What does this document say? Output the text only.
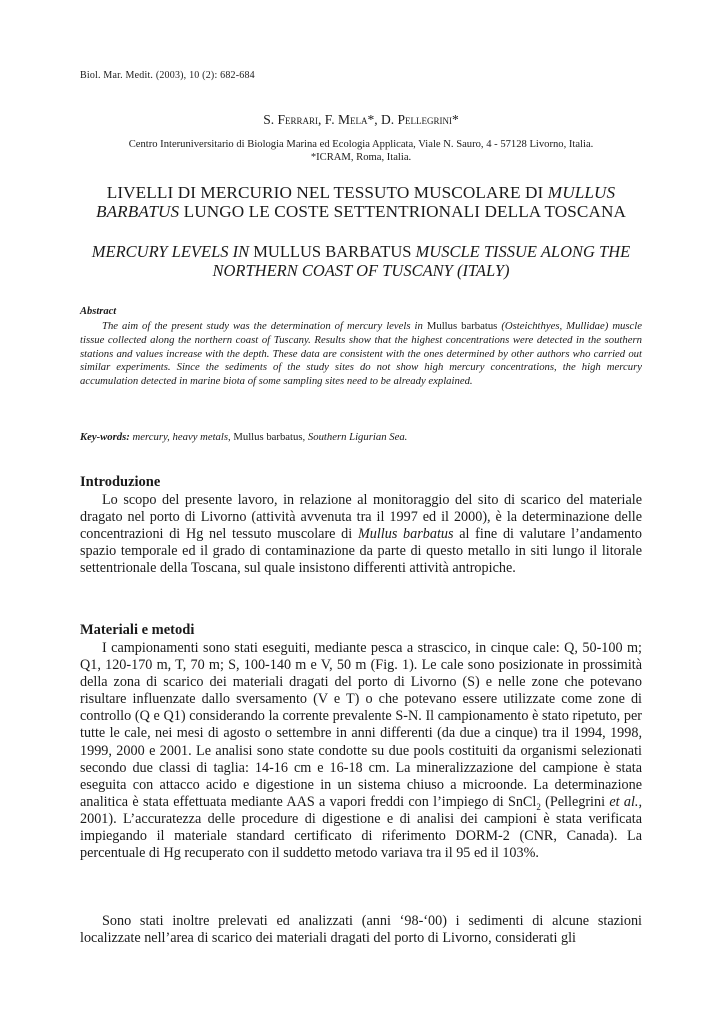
Biol. Mar. Medit. (2003), 10 (2): 682-684
S. Ferrari, F. Mela*, D. Pellegrini*
Centro Interuniversitario di Biologia Marina ed Ecologia Applicata, Viale N. Sauro, 4 - 57128 Livorno, Italia.
*ICRAM, Roma, Italia.
LIVELLI DI MERCURIO NEL TESSUTO MUSCOLARE DI MULLUS BARBATUS LUNGO LE COSTE SETTENTRIONALI DELLA TOSCANA
MERCURY LEVELS IN MULLUS BARBATUS MUSCLE TISSUE ALONG THE NORTHERN COAST OF TUSCANY (ITALY)
Abstract
The aim of the present study was the determination of mercury levels in Mullus barbatus (Osteichthyes, Mullidae) muscle tissue collected along the northern coast of Tuscany. Results show that the highest concentrations were detected in the southern stations and values increase with the depth. These data are consistent with the ones determined by other authors who carried out similar experiments. Since the sediments of the study sites do not show high mercury concentrations, the high mercury accumulation detected in marine biota of some sampling sites need to be already explained.
Key-words: mercury, heavy metals, Mullus barbatus, Southern Ligurian Sea.
Introduzione
Lo scopo del presente lavoro, in relazione al monitoraggio del sito di scarico del materiale dragato nel porto di Livorno (attività avvenuta tra il 1997 ed il 2000), è la determinazione delle concentrazioni di Hg nel tessuto muscolare di Mullus barbatus al fine di valutare l’andamento spazio temporale ed il grado di contaminazione da parte di questo metallo in siti lungo il litorale settentrionale della Toscana, sul quale insistono differenti attività antropiche.
Materiali e metodi
I campionamenti sono stati eseguiti, mediante pesca a strascico, in cinque cale: Q, 50-100 m; Q1, 120-170 m, T, 70 m; S, 100-140 m e V, 50 m (Fig. 1). Le cale sono posizionate in prossimità della zona di scarico dei materiali dragati del porto di Livorno (S) e nelle zone che potevano risultare influenzate dallo sversamento (V e T) o che potevano essere utilizzate come zone di controllo (Q e Q1) considerando la corrente prevalente S-N. Il campionamento è stato ripetuto, per tutte le cale, nei mesi di agosto o settembre in anni differenti (da due a cinque) tra il 1994, 1998, 1999, 2000 e 2001. Le analisi sono state condotte su due pools costituiti da organismi selezionati secondo due classi di taglia: 14-16 cm e 16-18 cm. La mineralizzazione del campione è stata eseguita con attacco acido e digestione in un sistema chiuso a microonde. La determinazione analitica è stata effettuata mediante AAS a vapori freddi con l’impiego di SnCl$_2$ (Pellegrini et al., 2001). L’accuratezza delle procedure di digestione e di analisi dei campioni è stata verificata impiegando il materiale standard certificato di riferimento DORM-2 (CNR, Canada). La percentuale di Hg recuperato con il suddetto metodo variava tra il 95 ed il 103%.
Sono stati inoltre prelevati ed analizzati (anni ‘98-‘00) i sedimenti di alcune stazioni localizzate nell’area di scarico dei materiali dragati del porto di Livorno, considerati gli
